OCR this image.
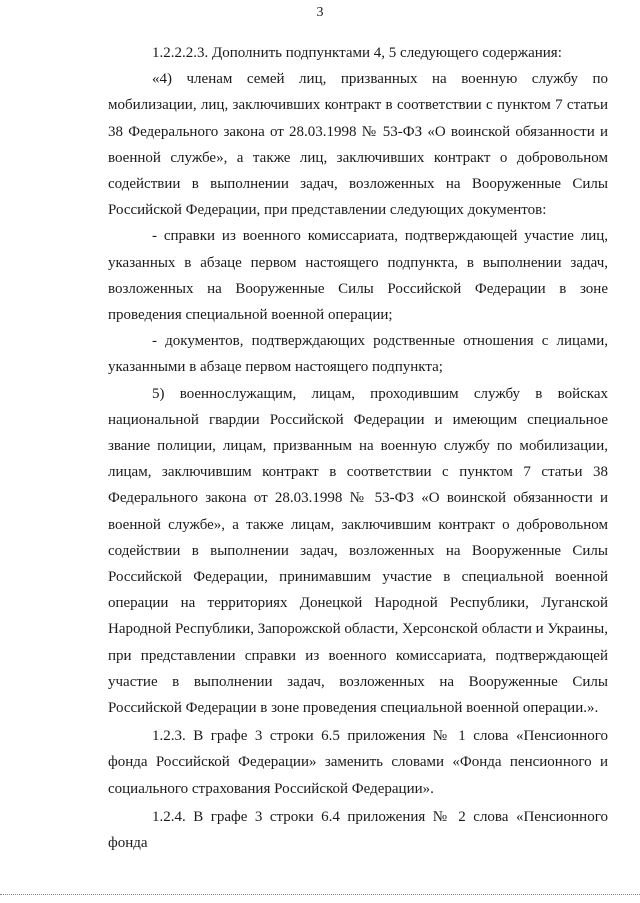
3

1.2.2.2.3. Дополнить подпунктами 4, 5 следующего содержания:

«4) членам семей лиц, призванных на военную службу по мобилизации, лиц, заключивших контракт в соответствии с пунктом 7 статьи 38 Федерального закона от 28.03.1998 № 53-ФЗ «О воинской обязанности и военной службе», а также лиц, заключивших контракт о добровольном содействии в выполнении задач, возложенных на Вооруженные Силы Российской Федерации, при представлении следующих документов:

- справки из военного комиссариата, подтверждающей участие лиц, указанных в абзаце первом настоящего подпункта, в выполнении задач, возложенных на Вооруженные Силы Российской Федерации в зоне проведения специальной военной операции;

- документов, подтверждающих родственные отношения с лицами, указанными в абзаце первом настоящего подпункта;

5) военнослужащим, лицам, проходившим службу в войсках национальной гвардии Российской Федерации и имеющим специальное звание полиции, лицам, призванным на военную службу по мобилизации, лицам, заключившим контракт в соответствии с пунктом 7 статьи 38 Федерального закона от 28.03.1998 № 53-ФЗ «О воинской обязанности и военной службе», а также лицам, заключившим контракт о добровольном содействии в выполнении задач, возложенных на Вооруженные Силы Российской Федерации, принимавшим участие в специальной военной операции на территориях Донецкой Народной Республики, Луганской Народной Республики, Запорожской области, Херсонской области и Украины, при представлении справки из военного комиссариата, подтверждающей участие в выполнении задач, возложенных на Вооруженные Силы Российской Федерации в зоне проведения специальной военной операции.».

1.2.3. В графе 3 строки 6.5 приложения № 1 слова «Пенсионного фонда Российской Федерации» заменить словами «Фонда пенсионного и социального страхования Российской Федерации».

1.2.4. В графе 3 строки 6.4 приложения № 2 слова «Пенсионного фонда
